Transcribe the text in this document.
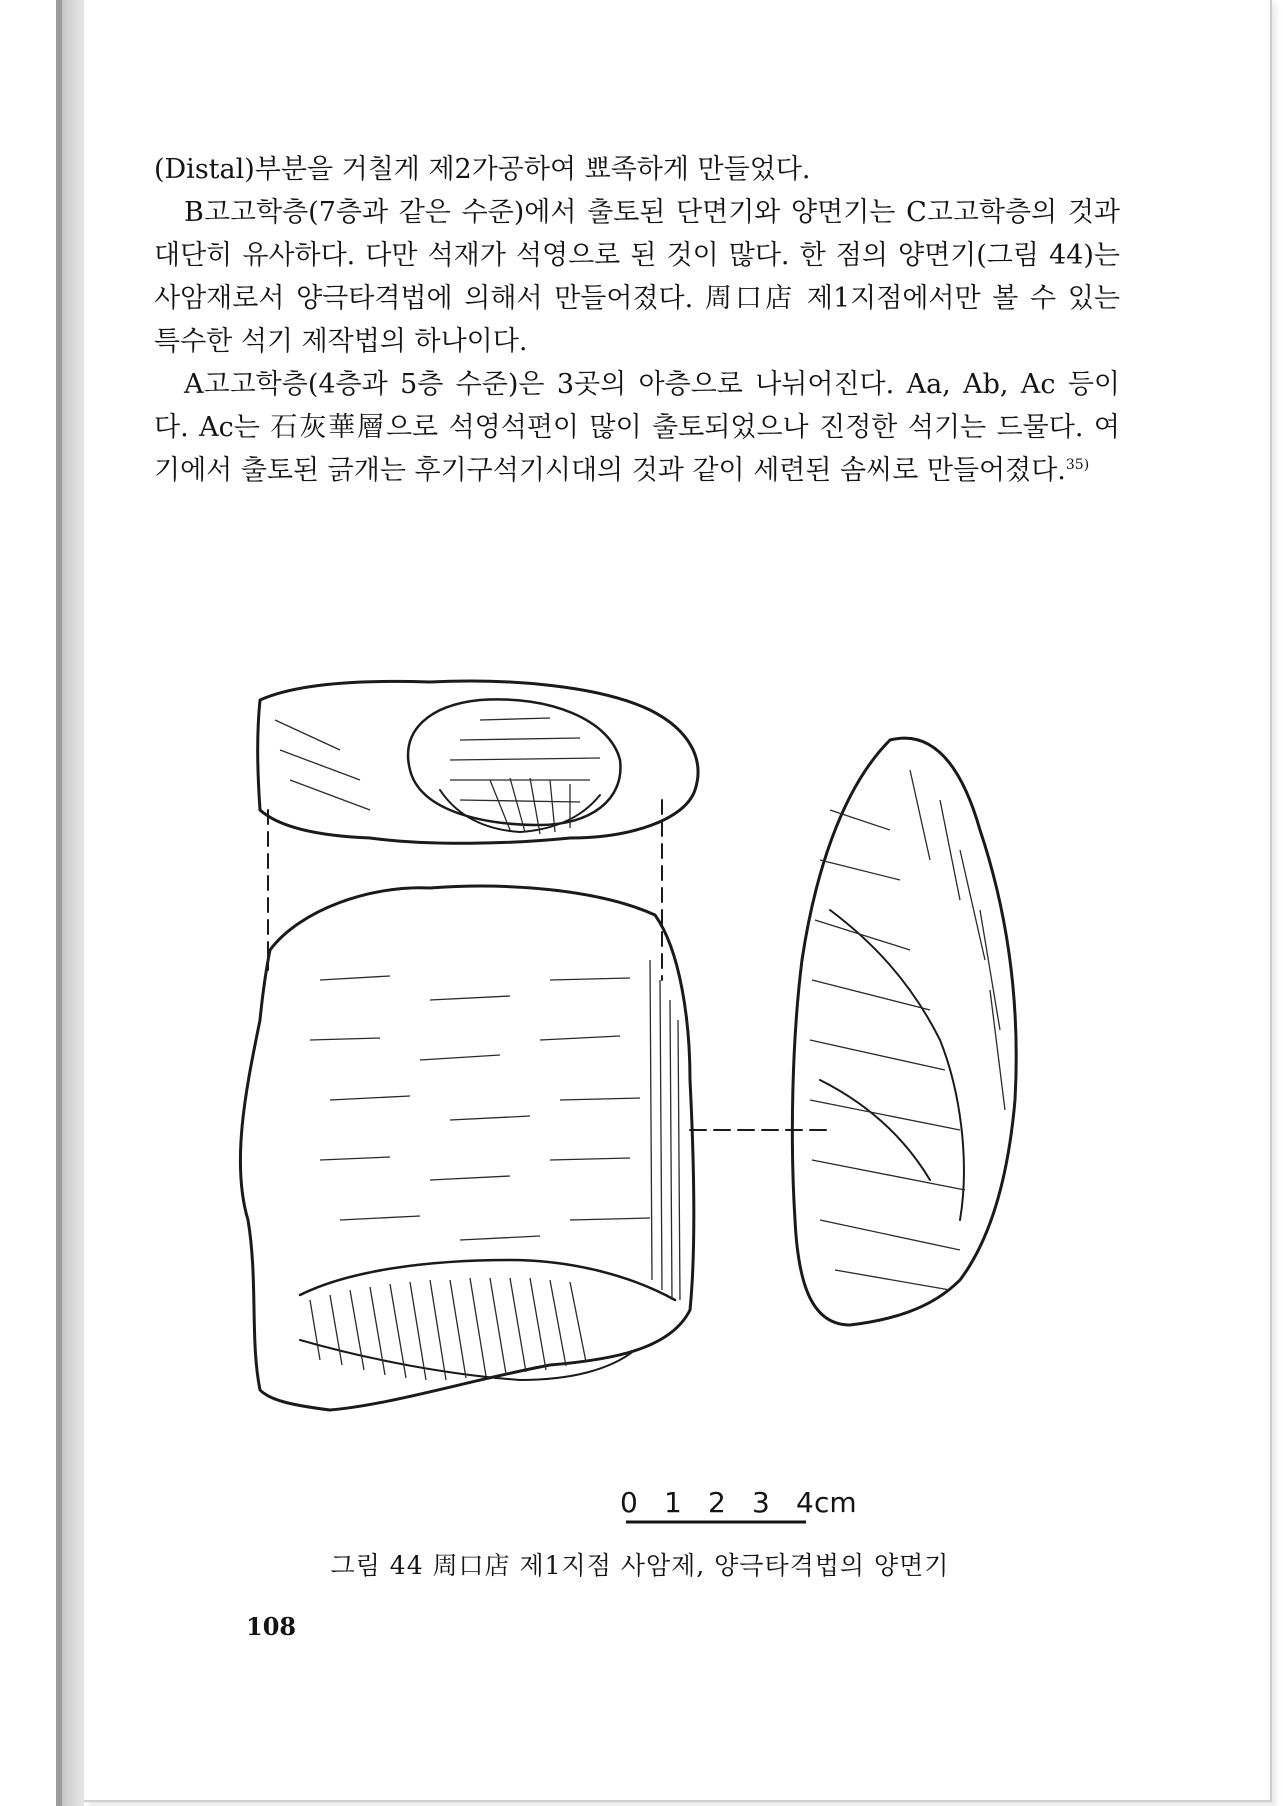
(Distal)부분을 거칠게 제2가공하여 뾰족하게 만들었다.

B고고학층(7층과 같은 수준)에서 출토된 단면기와 양면기는 C고고학층의 것과 대단히 유사하다. 다만 석재가 석영으로 된 것이 많다. 한 점의 양면기(그림 44)는 사암재로서 양극타격법에 의해서 만들어졌다. 周口店 제1지점에서만 볼 수 있는 특수한 석기 제작법의 하나이다.

A고고학층(4층과 5층 수준)은 3곳의 아층으로 나뉘어진다. Aa, Ab, Ac 등이다. Ac는 石灰華層으로 석영석편이 많이 출토되었으나 진정한 석기는 드물다. 여기에서 출토된 긁개는 후기구석기시대의 것과 같이 세련된 솜씨로 만들어졌다.$^{35)}$

0 1 2 3 4 cm
그림 44 周口店 제1지점 사암제, 양극타격법의 양면기
108
